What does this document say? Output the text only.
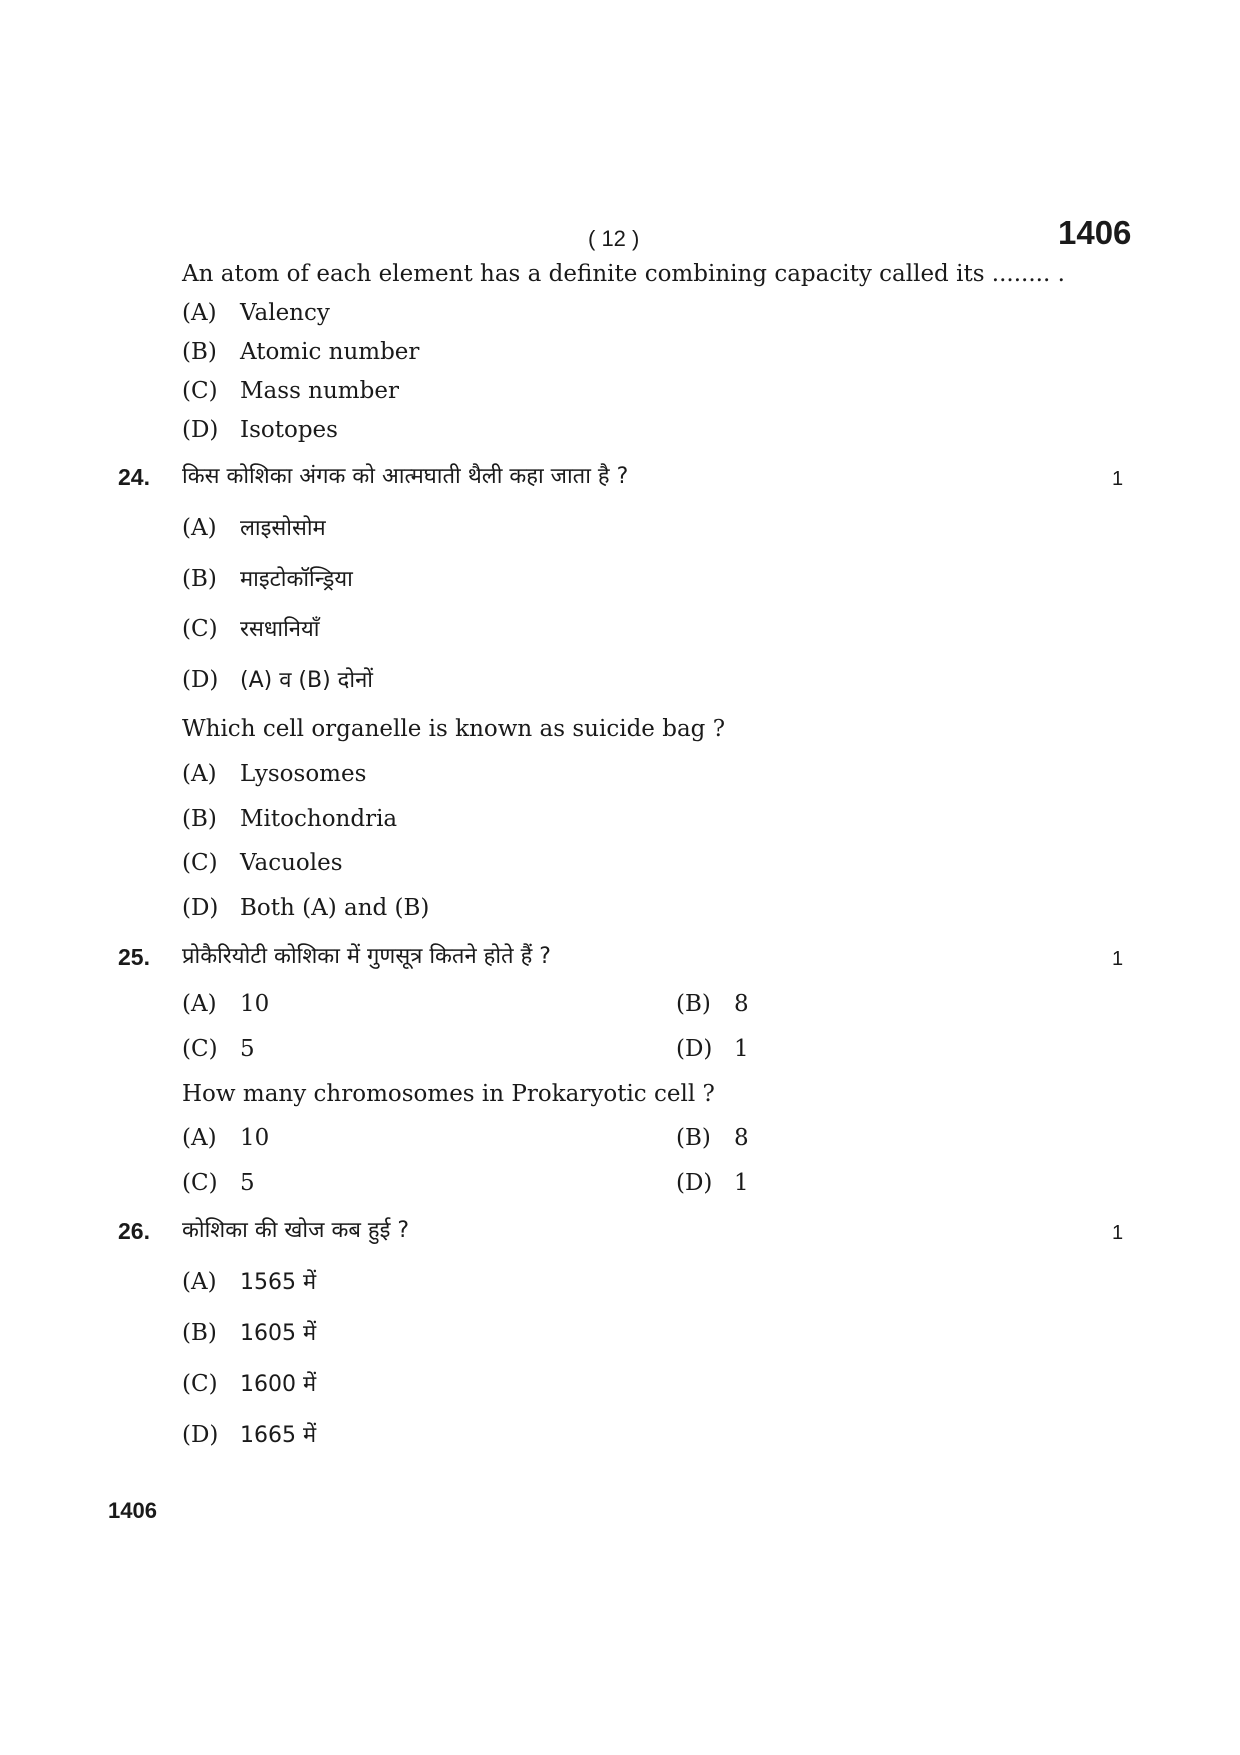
( 12 )	1406
An atom of each element has a definite combining capacity called its ........ .
(A) Valency
(B) Atomic number
(C) Mass number
(D) Isotopes
24. किस कोशिका अंगक को आत्मघाती थैली कहा जाता है ?	1
(A) लाइसोसोम
(B) माइटोकॉन्ड्रिया
(C) रसधानियाँ
(D) (A) व (B) दोनों
Which cell organelle is known as suicide bag ?
(A) Lysosomes
(B) Mitochondria
(C) Vacuoles
(D) Both (A) and (B)
25. प्रोकैरियोटी कोशिका में गुणसूत्र कितने होते हैं ?	1
(A) 10	(B) 8
(C) 5	(D) 1
How many chromosomes in Prokaryotic cell ?
(A) 10	(B) 8
(C) 5	(D) 1
26. कोशिका की खोज कब हुई ?	1
(A) 1565 में
(B) 1605 में
(C) 1600 में
(D) 1665 में
1406
